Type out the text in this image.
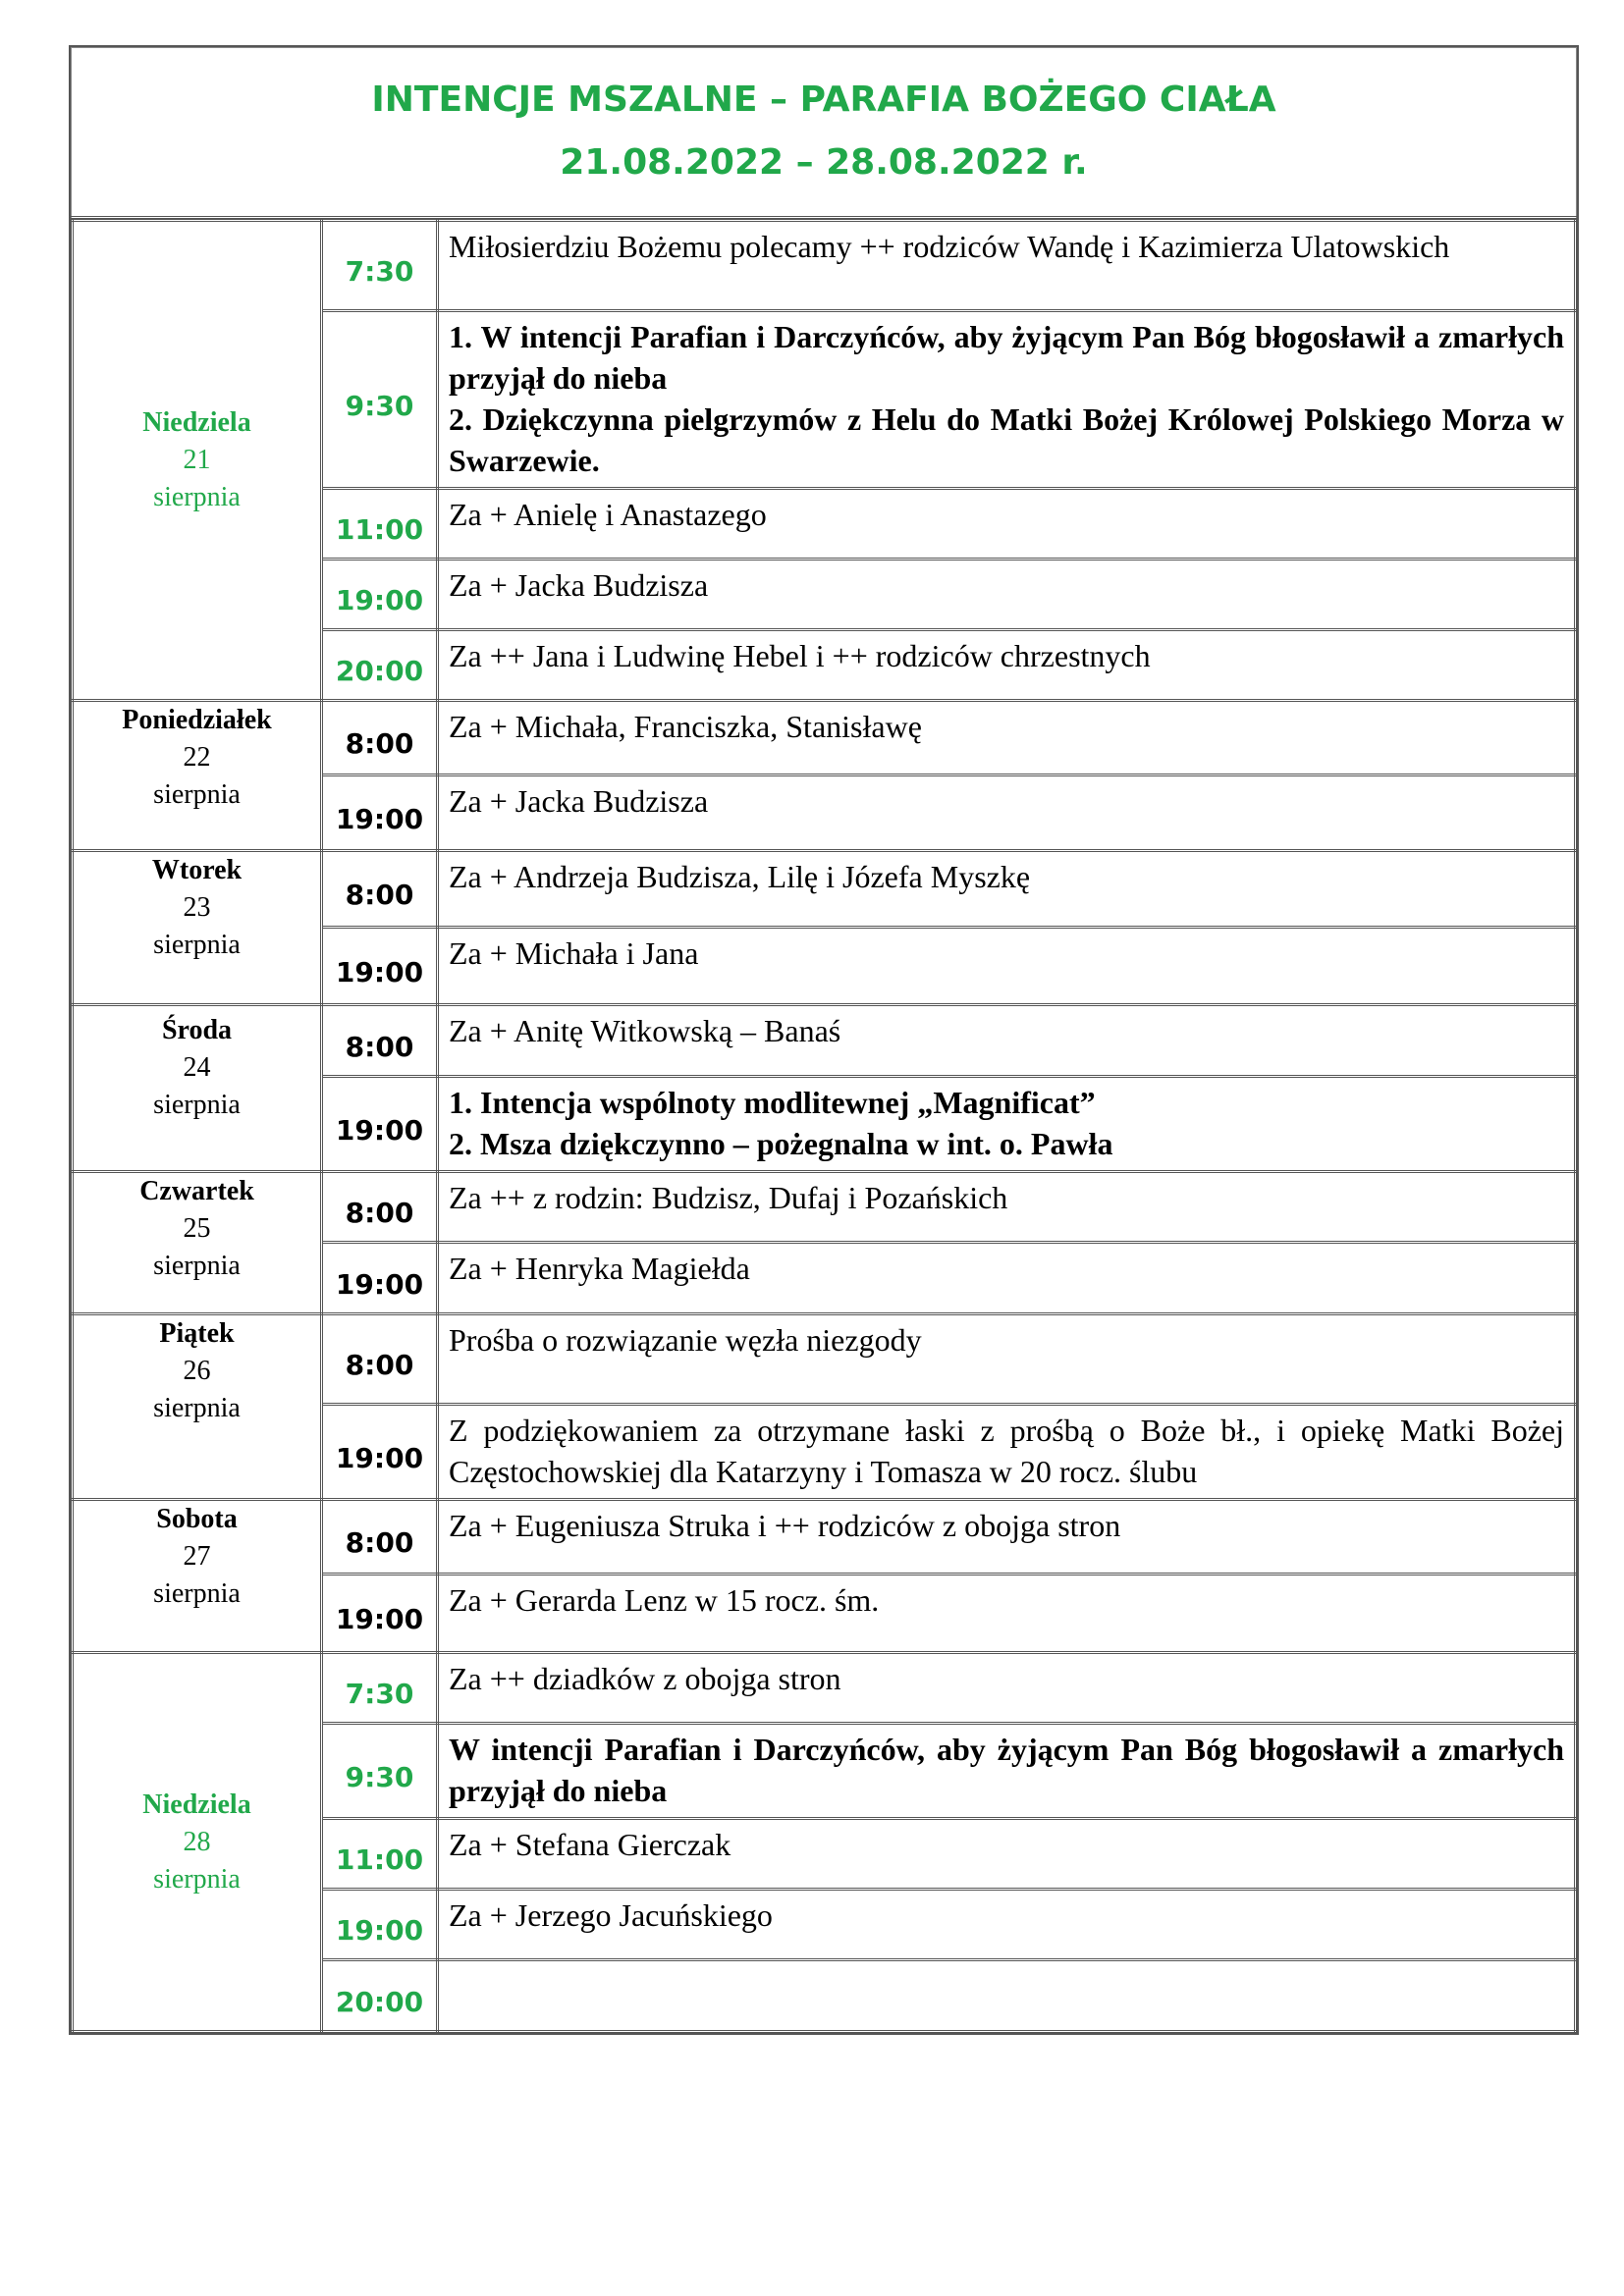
INTENCJE MSZALNE – PARAFIA BOŻEGO CIAŁA
21.08.2022 – 28.08.2022 r.
Niedziela
21
sierpnia	7:30	Miłosierdziu Bożemu polecamy ++ rodziców Wandę i Kazimierza Ulatowskich

	9:30	1. W intencji Parafian i Darczyńców, aby żyjącym Pan Bóg błogosławił a zmarłych przyjął do nieba
2. Dziękczynna pielgrzymów z Helu do Matki Bożej Królowej Polskiego Morza w Swarzewie.

	11:00	Za + Anielę i Anastazego

	19:00	Za + Jacka Budzisza

	20:00	Za ++ Jana i Ludwinę Hebel i ++ rodziców chrzestnych

Poniedziałek
22
sierpnia	8:00	Za + Michała, Franciszka, Stanisławę

	19:00	Za + Jacka Budzisza

Wtorek
23
sierpnia	8:00	Za + Andrzeja Budzisza, Lilę i Józefa Myszkę

	19:00	Za + Michała i Jana

Środa
24
sierpnia	8:00	Za + Anitę Witkowską – Banaś

	19:00	1. Intencja wspólnoty modlitewnej „Magnificat”
2. Msza dziękczynno – pożegnalna w int. o. Pawła

Czwartek
25
sierpnia	8:00	Za ++ z rodzin: Budzisz, Dufaj i Pozańskich

	19:00	Za + Henryka Magiełda

Piątek
26
sierpnia	8:00	Prośba o rozwiązanie węzła niezgody

	19:00	Z podziękowaniem za otrzymane łaski z prośbą o Boże bł., i opiekę Matki Bożej Częstochowskiej dla Katarzyny i Tomasza w 20 rocz. ślubu

Sobota
27
sierpnia	8:00	Za + Eugeniusza Struka i ++ rodziców z obojga stron

	19:00	Za + Gerarda Lenz w 15 rocz. śm.

Niedziela
28
sierpnia	7:30	Za ++ dziadków z obojga stron

	9:30	W intencji Parafian i Darczyńców, aby żyjącym Pan Bóg błogosławił a zmarłych przyjął do nieba

	11:00	Za + Stefana Gierczak

	19:00	Za + Jerzego Jacuńskiego

	20:00	
